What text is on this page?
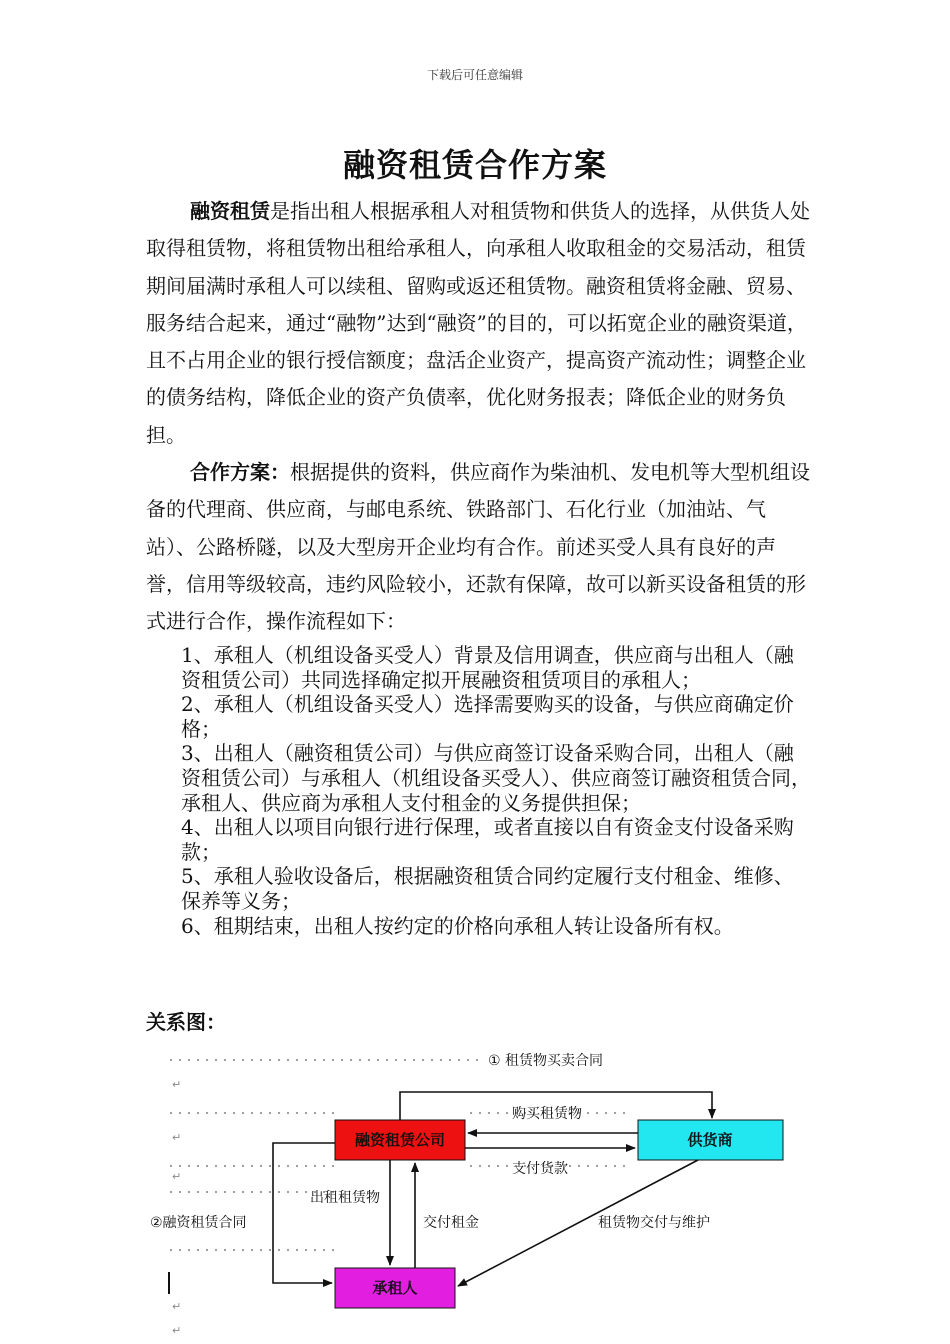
下载后可任意编辑
融资租赁合作方案
融资租赁是指出租人根据承租人对租赁物和供货人的选择，从供货人处取得租赁物，将租赁物出租给承租人，向承租人收取租金的交易活动，租赁期间届满时承租人可以续租、留购或返还租赁物。融资租赁将金融、贸易、服务结合起来，通过“融物”达到“融资”的目的，可以拓宽企业的融资渠道，且不占用企业的银行授信额度；盘活企业资产，提高资产流动性；调整企业的债务结构，降低企业的资产负债率，优化财务报表；降低企业的财务负担。
合作方案：根据提供的资料，供应商作为柴油机、发电机等大型机组设备的代理商、供应商，与邮电系统、铁路部门、石化行业（加油站、气站）、公路桥隧，以及大型房开企业均有合作。前述买受人具有良好的声誉，信用等级较高，违约风险较小，还款有保障，故可以新买设备租赁的形式进行合作，操作流程如下：

1、承租人（机组设备买受人）背景及信用调查，供应商与出租人（融资租赁公司）共同选择确定拟开展融资租赁项目的承租人；

2、承租人（机组设备买受人）选择需要购买的设备，与供应商确定价格；

3、出租人（融资租赁公司）与供应商签订设备采购合同，出租人（融资租赁公司）与承租人（机组设备买受人）、供应商签订融资租赁合同，承租人、供应商为承租人支付租金的义务提供担保；

4、出租人以项目向银行进行保理，或者直接以自有资金支付设备采购款；

5、承租人验收设备后，根据融资租赁合同约定履行支付租金、维修、保养等义务；

6、租期结束，出租人按约定的价格向承租人转让设备所有权。

关系图：
融资租赁公司	供货商
承租人
① 租赁物买卖合同
购买租赁物
支付货款
出租租赁物
②融资租赁合同	交付租金	租赁物交付与维护
↵
↵
↵
↵
↵
